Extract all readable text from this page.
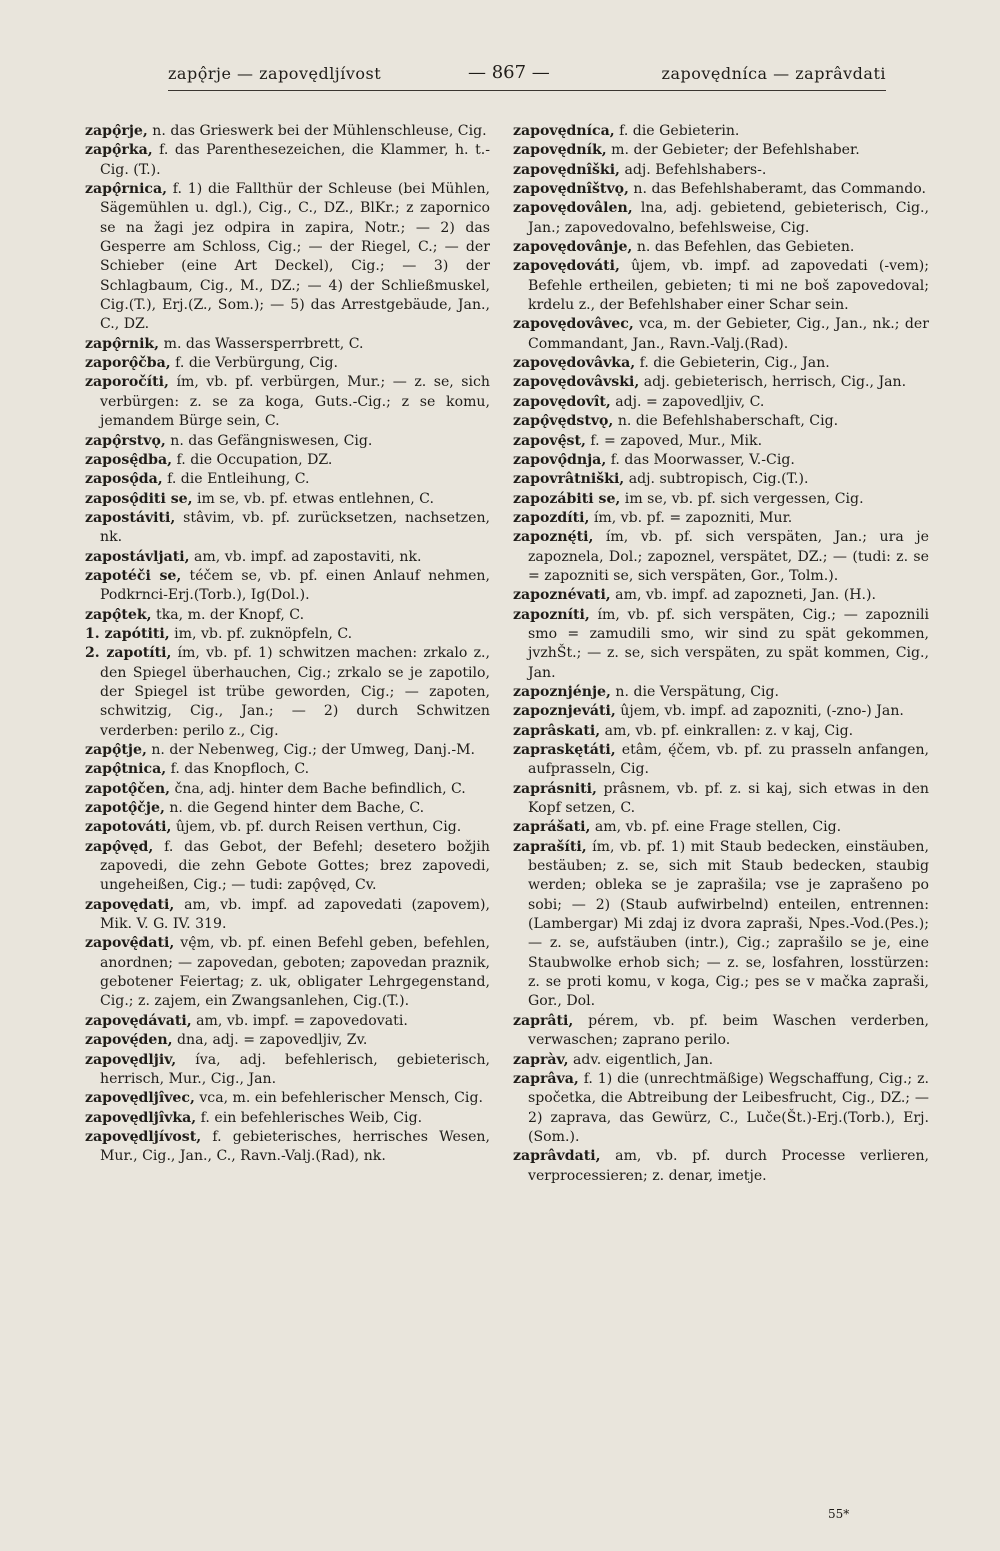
zapǫ̂rje — zapovędljívost	— 867 —	zapovędníca — zaprâvdati

zapǫ̂rje, n. das Grieswerk bei der Mühlenschleuse, Cig.

zapǫ̂rka, f. das Parenthesezeichen, die Klammer, h. t.-Cig. (T.).

zapǫ̂rnica, f. 1) die Fallthür der Schleuse (bei Mühlen, Sägemühlen u. dgl.), Cig., C., DZ., BlKr.; z zapornico se na žagi jez odpira in zapira, Notr.; — 2) das Gesperre am Schloss, Cig.; — der Riegel, C.; — der Schieber (eine Art Deckel), Cig.; — 3) der Schlagbaum, Cig., M., DZ.; — 4) der Schließmuskel, Cig.(T.), Erj.(Z., Som.); — 5) das Arrestgebäude, Jan., C., DZ.

zapǫ̂rnik, m. das Wassersperrbrett, C.

zaporǫ̂čba, f. die Verbürgung, Cig.

zaporočíti, ím, vb. pf. verbürgen, Mur.; — z. se, sich verbürgen: z. se za koga, Guts.-Cig.; z se komu, jemandem Bürge sein, C.

zapǫ̂rstvǫ, n. das Gefängniswesen, Cig.

zaposę̂dba, f. die Occupation, DZ.

zaposǫ̂da, f. die Entleihung, C.

zaposǫ̂diti se, im se, vb. pf. etwas entlehnen, C.

zapostáviti, stâvim, vb. pf. zurücksetzen, nachsetzen, nk.

zapostávljati, am, vb. impf. ad zapostaviti, nk.

zapotéči se, téčem se, vb. pf. einen Anlauf nehmen, Podkrnci-Erj.(Torb.), Ig(Dol.).

zapǫ̂tek, tka, m. der Knopf, C.

1. zapótiti, im, vb. pf. zuknöpfeln, C.

2. zapotíti, ím, vb. pf. 1) schwitzen machen: zrkalo z., den Spiegel überhauchen, Cig.; zrkalo se je zapotilo, der Spiegel ist trübe geworden, Cig.; — zapoten, schwitzig, Cig., Jan.; — 2) durch Schwitzen verderben: perilo z., Cig.

zapǫ̂tje, n. der Nebenweg, Cig.; der Umweg, Danj.-M.

zapǫ̂tnica, f. das Knopfloch, C.

zapotǫ̂čen, čna, adj. hinter dem Bache befindlich, C.

zapotǫ̂čje, n. die Gegend hinter dem Bache, C.

zapotováti, ûjem, vb. pf. durch Reisen verthun, Cig.

zapǫ̂vęd, f. das Gebot, der Befehl; desetero božjih zapovedi, die zehn Gebote Gottes; brez zapovedi, ungeheißen, Cig.; — tudi: zapǫ̂vęd, Cv.

zapovędati, am, vb. impf. ad zapovedati (zapovem), Mik. V. G. IV. 319.

zapovę̂dati, vę̂m, vb. pf. einen Befehl geben, befehlen, anordnen; — zapovedan, geboten; zapovedan praznik, gebotener Feiertag; z. uk, obligater Lehrgegenstand, Cig.; z. zajem, ein Zwangsanlehen, Cig.(T.).

zapovędávati, am, vb. impf. = zapovedovati.

zapovę́den, dna, adj. = zapovedljiv, Zv.

zapovędljiv, íva, adj. befehlerisch, gebieterisch, herrisch, Mur., Cig., Jan.

zapovędljîvec, vca, m. ein befehlerischer Mensch, Cig.

zapovędljîvka, f. ein befehlerisches Weib, Cig.

zapovędljívost, f. gebieterisches, herrisches Wesen, Mur., Cig., Jan., C., Ravn.-Valj.(Rad), nk.

zapovędníca, f. die Gebieterin.

zapovędník, m. der Gebieter; der Befehlshaber.

zapovędnîški, adj. Befehlshabers-.

zapovędnîštvǫ, n. das Befehlshaberamt, das Commando.

zapovędovâlen, lna, adj. gebietend, gebieterisch, Cig., Jan.; zapovedovalno, befehlsweise, Cig.

zapovędovânje, n. das Befehlen, das Gebieten.

zapovędováti, ûjem, vb. impf. ad zapovedati (-vem); Befehle ertheilen, gebieten; ti mi ne boš zapovedoval; krdelu z., der Befehlshaber einer Schar sein.

zapovędovâvec, vca, m. der Gebieter, Cig., Jan., nk.; der Commandant, Jan., Ravn.-Valj.(Rad).

zapovędovâvka, f. die Gebieterin, Cig., Jan.

zapovędovâvski, adj. gebieterisch, herrisch, Cig., Jan.

zapovędovît, adj. = zapovedljiv, C.

zapǫ̂vędstvǫ, n. die Befehlshaberschaft, Cig.

zapovę̂st, f. = zapoved, Mur., Mik.

zapovǫ̂dnja, f. das Moorwasser, V.-Cig.

zapovrâtniški, adj. subtropisch, Cig.(T.).

zapozábiti se, im se, vb. pf. sich vergessen, Cig.

zapozdíti, ím, vb. pf. = zapozniti, Mur.

zapoznę́ti, ím, vb. pf. sich verspäten, Jan.; ura je zapoznela, Dol.; zapoznel, verspätet, DZ.; — (tudi: z. se = zapozniti se, sich verspäten, Gor., Tolm.).

zapoznévati, am, vb. impf. ad zapozneti, Jan. (H.).

zapozníti, ím, vb. pf. sich verspäten, Cig.; — zapoznili smo = zamudili smo, wir sind zu spät gekommen, jvzhŠt.; — z. se, sich verspäten, zu spät kommen, Cig., Jan.

zapoznjénje, n. die Verspätung, Cig.

zapoznjeváti, ûjem, vb. impf. ad zapozniti, (-zno-) Jan.

zaprâskati, am, vb. pf. einkrallen: z. v kaj, Cig.

zapraskętáti, etâm, ę́čem, vb. pf. zu prasseln anfangen, aufprasseln, Cig.

zaprásniti, prâsnem, vb. pf. z. si kaj, sich etwas in den Kopf setzen, C.

zaprášati, am, vb. pf. eine Frage stellen, Cig.

zaprašíti, ím, vb. pf. 1) mit Staub bedecken, einstäuben, bestäuben; z. se, sich mit Staub bedecken, staubig werden; obleka se je zaprašila; vse je zaprašeno po sobi; — 2) (Staub aufwirbelnd) enteilen, entrennen: (Lambergar) Mi zdaj iz dvora zapraši, Npes.-Vod.(Pes.); — z. se, aufstäuben (intr.), Cig.; zaprašilo se je, eine Staubwolke erhob sich; — z. se, losfahren, losstürzen: z. se proti komu, v koga, Cig.; pes se v mačka zapraši, Gor., Dol.

zaprâti, pérem, vb. pf. beim Waschen verderben, verwaschen; zaprano perilo.

zapràv, adv. eigentlich, Jan.

zaprâva, f. 1) die (unrechtmäßige) Wegschaffung, Cig.; z. spočetka, die Abtreibung der Leibesfrucht, Cig., DZ.; — 2) zaprava, das Gewürz, C., Luče(Št.)-Erj.(Torb.), Erj.(Som.).

zaprâvdati, am, vb. pf. durch Processe verlieren, verprocessieren; z. denar, imetje.

55*
